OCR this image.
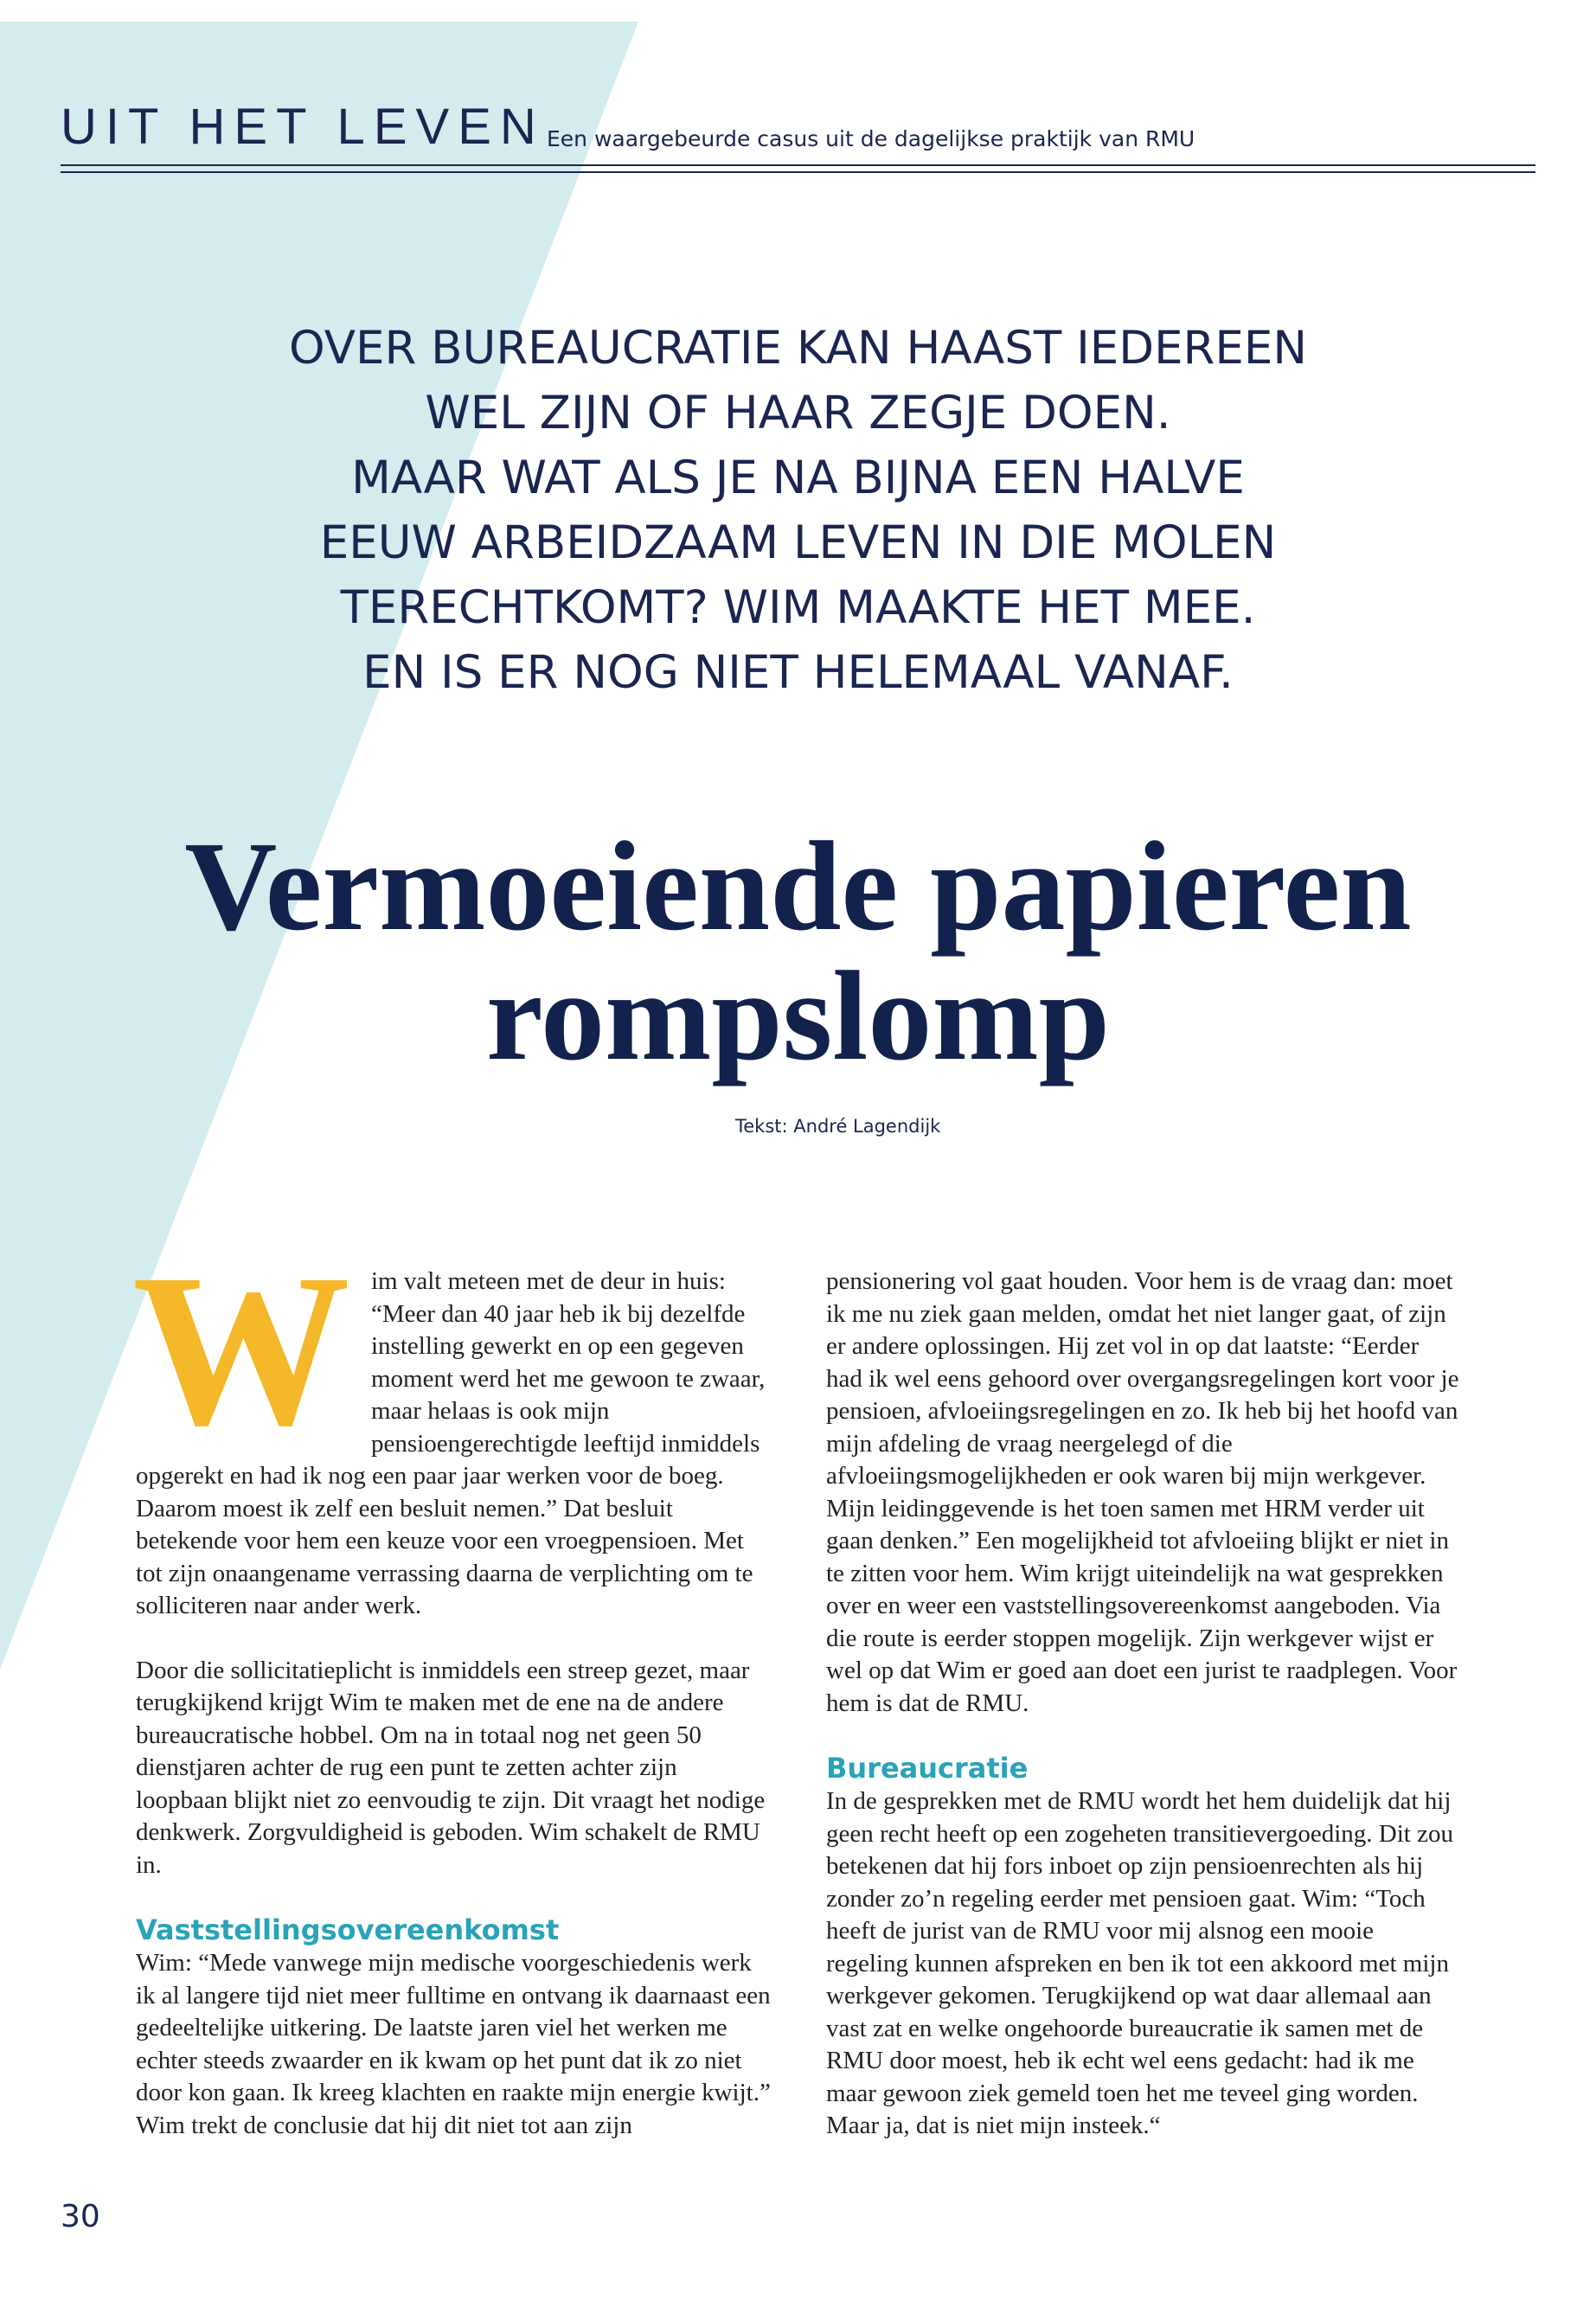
UIT HET LEVEN Een waargebeurde casus uit de dagelijkse praktijk van RMU
OVER BUREAUCRATIE KAN HAAST IEDEREEN
WEL ZIJN OF HAAR ZEGJE DOEN.
MAAR WAT ALS JE NA BIJNA EEN HALVE
EEUW ARBEIDZAAM LEVEN IN DIE MOLEN
TERECHTKOMT? WIM MAAKTE HET MEE.
EN IS ER NOG NIET HELEMAAL VANAF.
Vermoeiende papieren
rompslomp
Tekst: André Lagendijk

Wim valt meteen met de deur in huis: “Meer dan 40 jaar heb ik bij dezelfde instelling gewerkt en op een gegeven moment werd het me gewoon te zwaar, maar helaas is ook mijn pensioengerechtigde leeftijd inmiddels opgerekt en had ik nog een paar jaar werken voor de boeg. Daarom moest ik zelf een besluit nemen.” Dat besluit betekende voor hem een keuze voor een vroegpensioen. Met tot zijn onaangename verrassing daarna de verplichting om te solliciteren naar ander werk.

Door die sollicitatieplicht is inmiddels een streep gezet, maar terugkijkend krijgt Wim te maken met de ene na de andere bureaucratische hobbel. Om na in totaal nog net geen 50 dienstjaren achter de rug een punt te zetten achter zijn loopbaan blijkt niet zo eenvoudig te zijn. Dit vraagt het nodige denkwerk. Zorgvuldigheid is geboden. Wim schakelt de RMU in.

Vaststellingsovereenkomst

Wim: “Mede vanwege mijn medische voorgeschiedenis werk ik al langere tijd niet meer fulltime en ontvang ik daarnaast een gedeeltelijke uitkering. De laatste jaren viel het werken me echter steeds zwaarder en ik kwam op het punt dat ik zo niet door kon gaan. Ik kreeg klachten en raakte mijn energie kwijt.” Wim trekt de conclusie dat hij dit niet tot aan zijn

pensionering vol gaat houden. Voor hem is de vraag dan: moet ik me nu ziek gaan melden, omdat het niet langer gaat, of zijn er andere oplossingen. Hij zet vol in op dat laatste: “Eerder had ik wel eens gehoord over overgangsregelingen kort voor je pensioen, afvloeiingsregelingen en zo. Ik heb bij het hoofd van mijn afdeling de vraag neergelegd of die afvloeiingsmogelijkheden er ook waren bij mijn werkgever. Mijn leidinggevende is het toen samen met HRM verder uit gaan denken.” Een mogelijkheid tot afvloeiing blijkt er niet in te zitten voor hem. Wim krijgt uiteindelijk na wat gesprekken over en weer een vaststellingsovereenkomst aangeboden. Via die route is eerder stoppen mogelijk. Zijn werkgever wijst er wel op dat Wim er goed aan doet een jurist te raadplegen. Voor hem is dat de RMU.

Bureaucratie

In de gesprekken met de RMU wordt het hem duidelijk dat hij geen recht heeft op een zogeheten transitievergoeding. Dit zou betekenen dat hij fors inboet op zijn pensioenrechten als hij zonder zo’n regeling eerder met pensioen gaat. Wim: “Toch heeft de jurist van de RMU voor mij alsnog een mooie regeling kunnen afspreken en ben ik tot een akkoord met mijn werkgever gekomen. Terugkijkend op wat daar allemaal aan vast zat en welke ongehoorde bureaucratie ik samen met de RMU door moest, heb ik echt wel eens gedacht: had ik me maar gewoon ziek gemeld toen het me teveel ging worden. Maar ja, dat is niet mijn insteek.“

30
